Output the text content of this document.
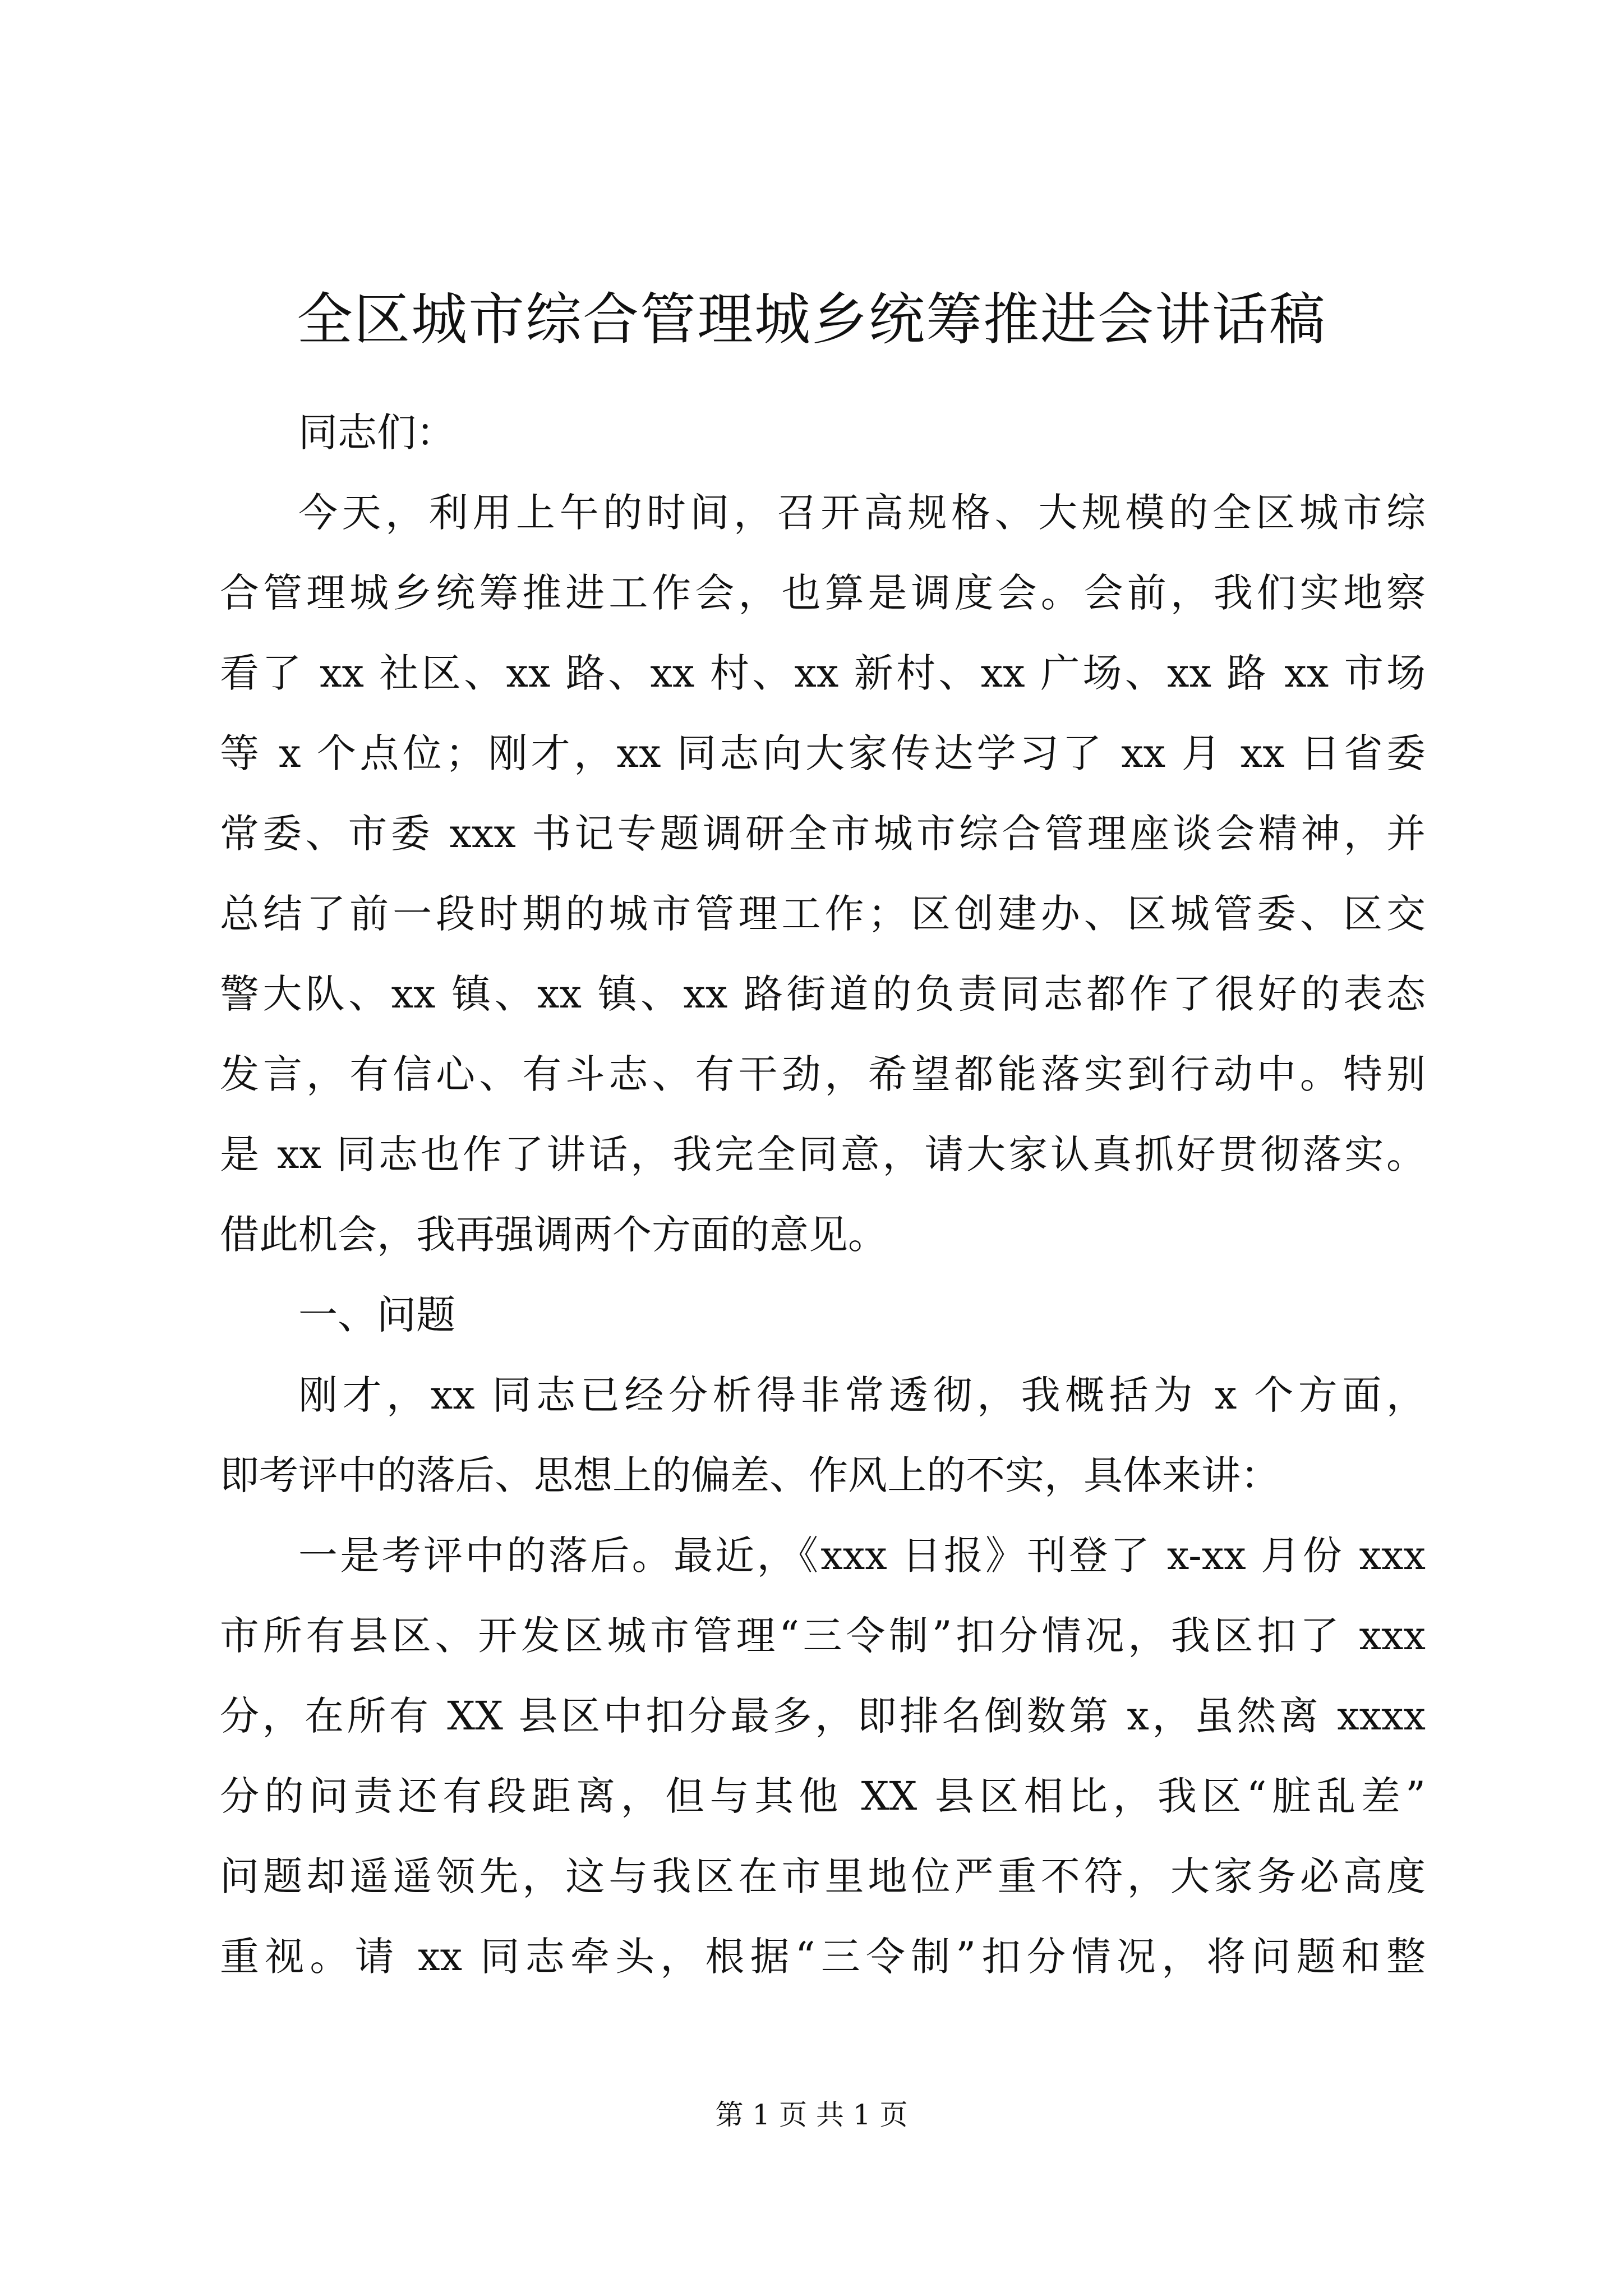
全区城市综合管理城乡统筹推进会讲话稿
同志们：
今天，利用上午的时间，召开高规格、大规模的全区城市综
合管理城乡统筹推进工作会，也算是调度会。会前，我们实地察
看了 xx 社区、xx 路、xx 村、xx 新村、xx 广场、xx 路 xx 市场
等 x 个点位；刚才，xx 同志向大家传达学习了 xx 月 xx 日省委
常委、市委 xxx 书记专题调研全市城市综合管理座谈会精神，并
总结了前一段时期的城市管理工作；区创建办、区城管委、区交
警大队、xx 镇、xx 镇、xx 路街道的负责同志都作了很好的表态
发言，有信心、有斗志、有干劲，希望都能落实到行动中。特别
是 xx 同志也作了讲话，我完全同意，请大家认真抓好贯彻落实。
借此机会，我再强调两个方面的意见。
一、问题
刚才，xx 同志已经分析得非常透彻，我概括为 x 个方面，
即考评中的落后、思想上的偏差、作风上的不实，具体来讲：
一是考评中的落后。最近，《xxx 日报》刊登了 x-xx 月份 xxx
市所有县区、开发区城市管理“三令制”扣分情况，我区扣了 xxx
分，在所有 XX 县区中扣分最多，即排名倒数第 x，虽然离 xxxx
分的问责还有段距离，但与其他 XX 县区相比，我区“脏乱差”
问题却遥遥领先，这与我区在市里地位严重不符，大家务必高度
重视。请 xx 同志牵头，根据“三令制”扣分情况，将问题和整
第 1 页 共 1 页
